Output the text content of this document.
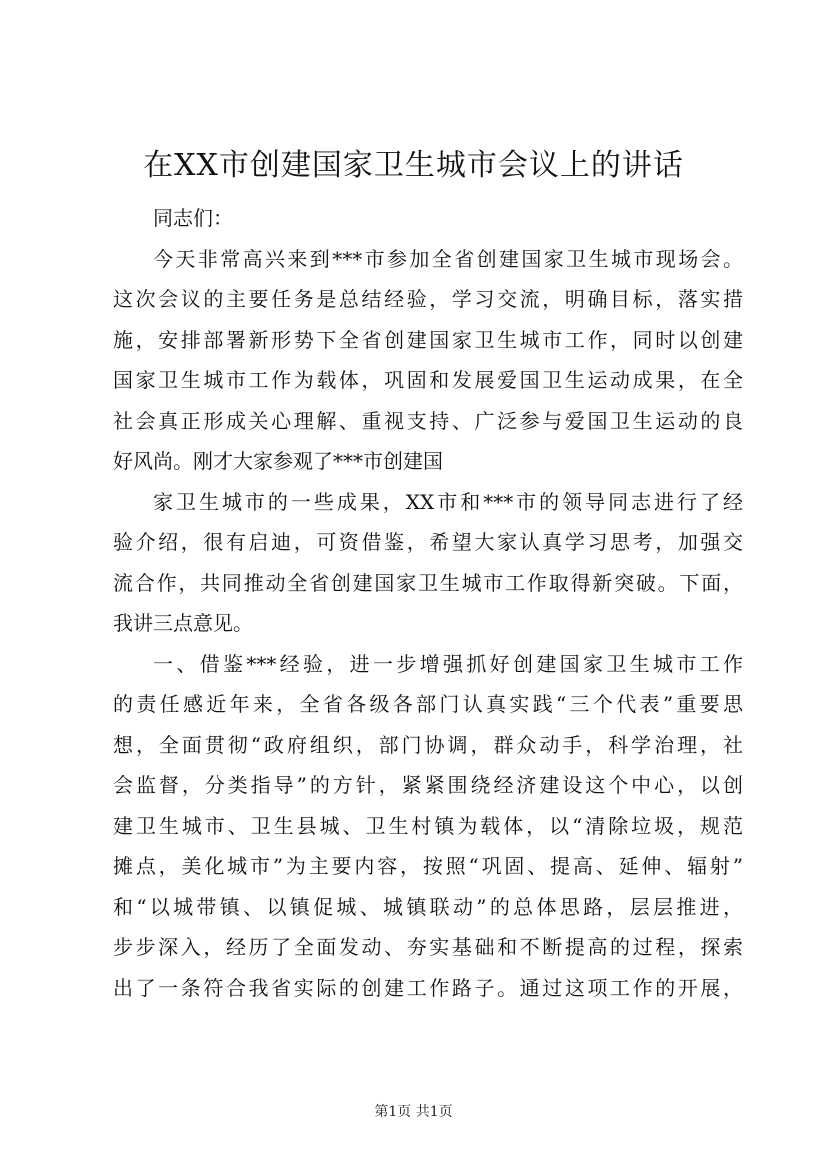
在XX市创建国家卫生城市会议上的讲话
同志们：
今天非常高兴来到***市参加全省创建国家卫生城市现场会。
这次会议的主要任务是总结经验，学习交流，明确目标，落实措
施，安排部署新形势下全省创建国家卫生城市工作，同时以创建
国家卫生城市工作为载体，巩固和发展爱国卫生运动成果，在全
社会真正形成关心理解、重视支持、广泛参与爱国卫生运动的良
好风尚。刚才大家参观了***市创建国
家卫生城市的一些成果，XX市和***市的领导同志进行了经
验介绍，很有启迪，可资借鉴，希望大家认真学习思考，加强交
流合作，共同推动全省创建国家卫生城市工作取得新突破。下面，
我讲三点意见。
一、借鉴***经验，进一步增强抓好创建国家卫生城市工作
的责任感近年来，全省各级各部门认真实践“三个代表”重要思
想，全面贯彻“政府组织，部门协调，群众动手，科学治理，社
会监督，分类指导”的方针，紧紧围绕经济建设这个中心，以创
建卫生城市、卫生县城、卫生村镇为载体，以“清除垃圾，规范
摊点，美化城市”为主要内容，按照“巩固、提高、延伸、辐射”
和“以城带镇、以镇促城、城镇联动”的总体思路，层层推进，
步步深入，经历了全面发动、夯实基础和不断提高的过程，探索
出了一条符合我省实际的创建工作路子。通过这项工作的开展，
第1页 共1页
